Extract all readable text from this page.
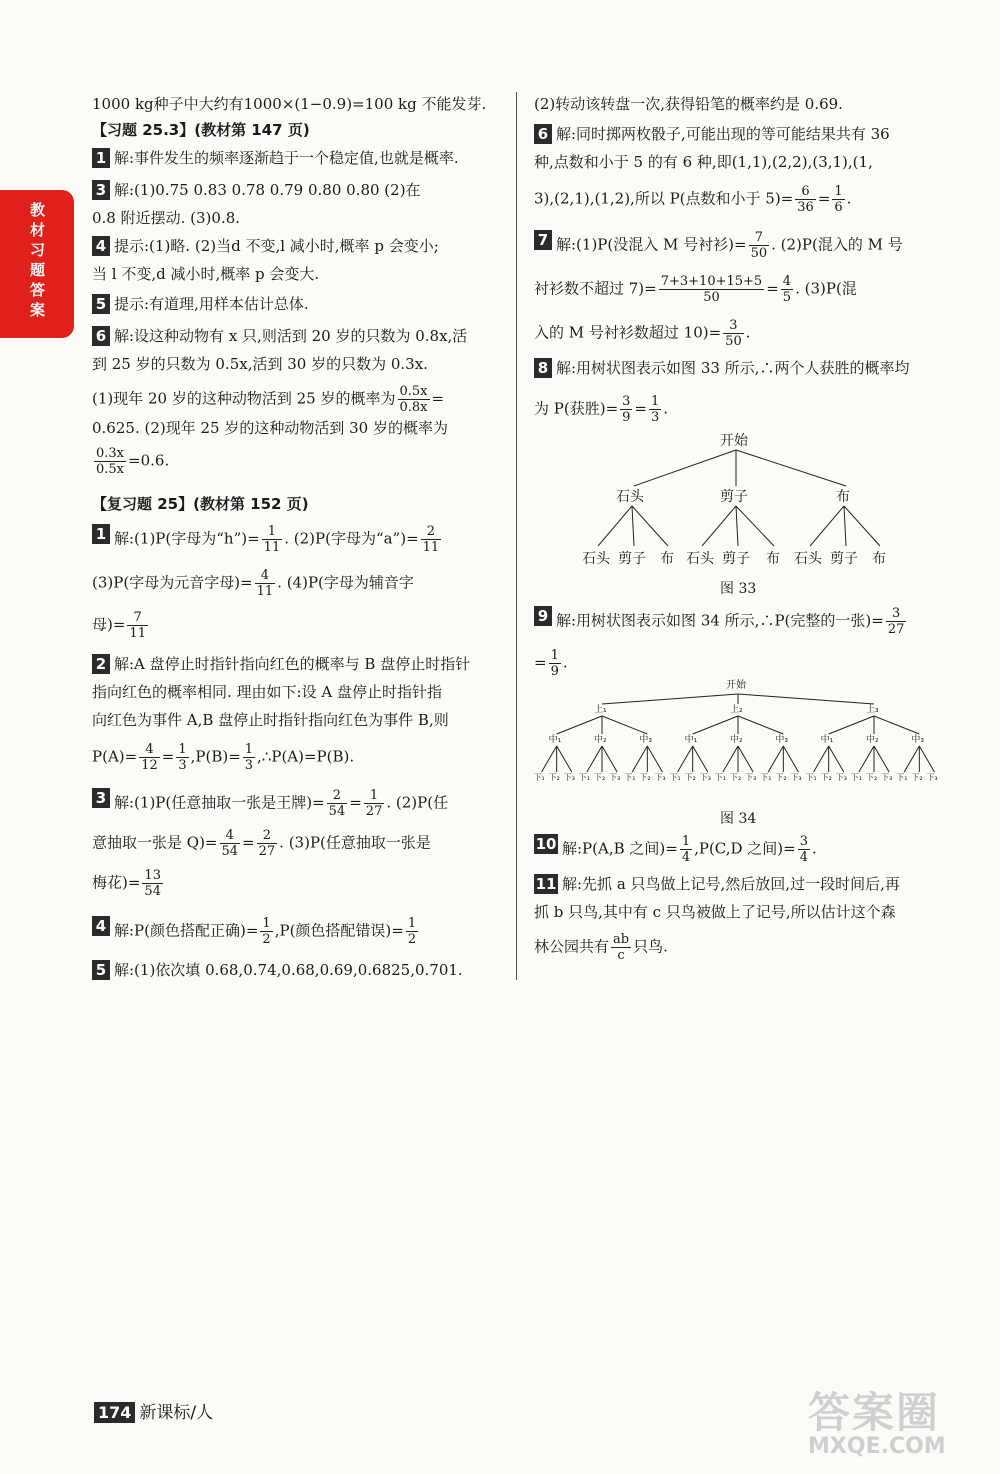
教材习题答案
1000 kg种子中大约有1000×(1−0.9)=100 kg 不能发芽.
【习题 25.3】(教材第 147 页)
1 解:事件发生的频率逐渐趋于一个稳定值,也就是概率.
3 解:(1)0.75 0.83 0.78 0.79 0.80 0.80 (2)在
0.8 附近摆动. (3)0.8.
4 提示:(1)略. (2)当d 不变,l 减小时,概率 p 会变小;
当 l 不变,d 减小时,概率 p 会变大.
5 提示:有道理,用样本估计总体.
6 解:设这种动物有 x 只,则活到 20 岁的只数为 0.8x,活
到 25 岁的只数为 0.5x,活到 30 岁的只数为 0.3x.
(1)现年 20 岁的这种动物活到 25 岁的概率为 $\frac{0.5x}{0.8x}$ =
0.625. (2)现年 25 岁的这种动物活到 30 岁的概率为
$\frac{0.3x}{0.5x} =0.6$.
【复习题 25】(教材第 152 页)
1 解:(1)P(字母为“h”)= $\frac{1}{11}$ . (2)P(字母为“a”)= $\frac{2}{11}$
(3)P(字母为元音字母)= $\frac{4}{11}$ . (4)P(字母为辅音字
母)= $\frac{7}{11}$
2 解:A 盘停止时指针指向红色的概率与 B 盘停止时指针
指向红色的概率相同. 理由如下:设 A 盘停止时指针指
向红色为事件 A,B 盘停止时指针指向红色为事件 B,则
$P(A)= \frac{4}{12} = \frac{1}{3} ,P(B)= \frac{1}{3}$ ,∴P(A)=P(B).
3 解:(1)P(任意抽取一张是王牌)= $\frac{2}{54} = \frac{1}{27}$ . (2)P(任
意抽取一张是 $Q)= \frac{4}{54} = \frac{2}{27}$ . (3)P(任意抽取一张是
梅花)= $\frac{13}{54}$
4 解:P(颜色搭配正确)= $\frac{1}{2} ,P$(颜色搭配错误)= $\frac{1}{2}$
5 解:(1)依次填 0.68,0.74,0.68,0.69,0.6825,0.701.
(2)转动该转盘一次,获得铅笔的概率约是 0.69.
6 解:同时掷两枚骰子,可能出现的等可能结果共有 36
种,点数和小于 5 的有 6 种,即(1,1),(2,2),(3,1),(1,
3),(2,1),(1,2),所以 P(点数和小于 $5)= \frac{6}{36} = \frac{1}{6}$ .
7 解:(1)P(没混入 M 号衬衫)= $\frac{7}{50}$ . (2)P(混入的 M 号
衬衫数不超过 $7)= \frac{7+3+10+15+5}{50} = \frac{4}{5}$ . (3)P(混
入的 M 号衬衫数超过 $10)= \frac{3}{50}$ .
8 解:用树状图表示如图 33 所示,∴两个人获胜的概率均
为 P(获胜)= $\frac{3}{9} = \frac{1}{3}$ .
开始
石头	剪子	布
石头 剪子 布 石头 剪子 布 石头 剪子 布
图 33
9 解:用树状图表示如图 34 所示,∴P(完整的一张)= $\frac{3}{27}$
= $\frac{1}{9}$ .
开始
上₁
中₁
下₁ 下₂ 下₃
中₂
下₁ 下₂ 下₃
中₃
下₁ 下₂ 下₃
上₂
中₁
下₁ 下₂ 下₃
中₂
下₁ 下₂ 下₃
中₃
下₁ 下₂ 下₃
上₃
中₁
下₁ 下₂ 下₃
中₂
下₁ 下₂ 下₃
中₃
下₁ 下₂ 下₃
图 34
10 解:P(A,B 之间)= $\frac{1}{4} ,P(C,D$ 之间)= $\frac{3}{4}$ .
11 解:先抓 a 只鸟做上记号,然后放回,过一段时间后,再
抓 b 只鸟,其中有 c 只鸟被做上了记号,所以估计这个森
林公园共有 $\frac{ab}{c}$ 只鸟.
174 新课标/人	答案圈
MXQE.COM
